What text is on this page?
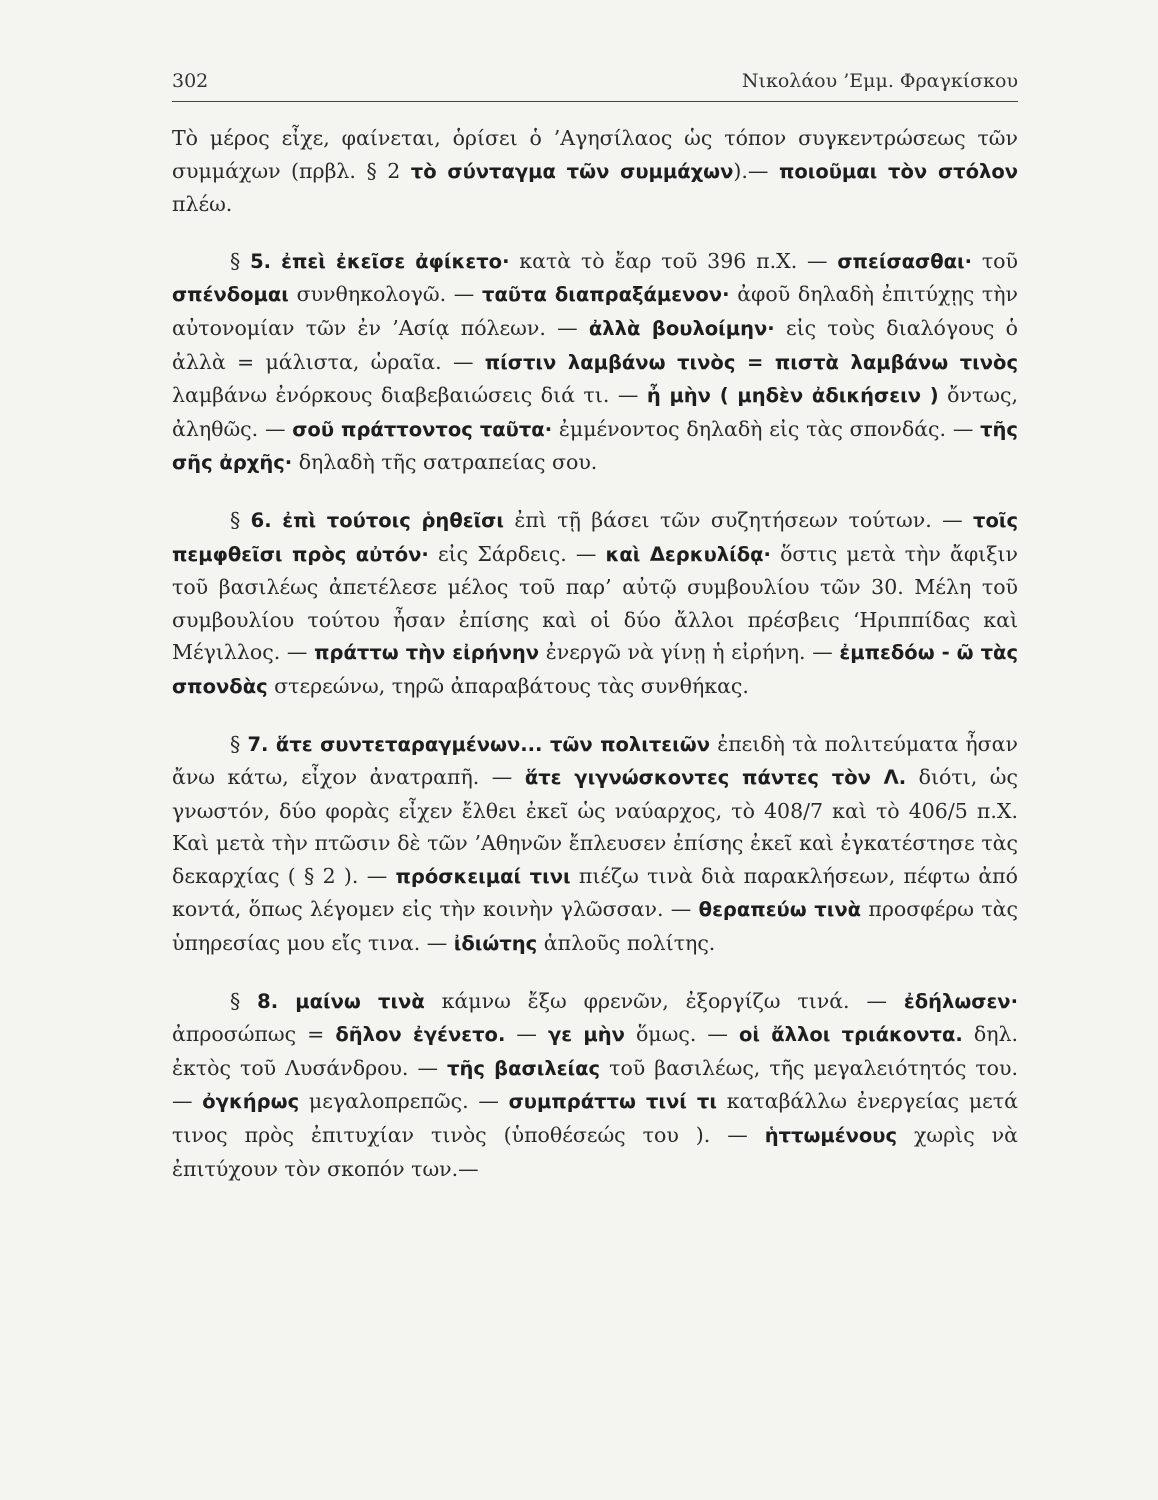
302	Νικολάου ’Εμμ. Φραγκίσκου

Τὸ μέρος εἶχε, φαίνεται, ὁρίσει ὁ ’Αγησίλαος ὡς τόπον συγκεντρώσεως τῶν συμμάχων (πρβλ. § 2 τὸ σύνταγμα τῶν συμμάχων).— ποιοῦμαι τὸν στόλον πλέω.

§ 5. ἐπεὶ ἐκεῖσε ἀφίκετο· κατὰ τὸ ἔαρ τοῦ 396 π.Χ. — σπείσασθαι· τοῦ σπένδομαι συνθηκολογῶ. — ταῦτα διαπραξάμενον· ἀφοῦ δηλαδὴ ἐπιτύχῃς τὴν αὐτονομίαν τῶν ἐν ’Ασίᾳ πόλεων. — ἀλλὰ βουλοίμην· εἰς τοὺς διαλόγους ὁ ἀλλὰ = μάλιστα, ὡραῖα. — πίστιν λαμβάνω τινὸς = πιστὰ λαμβάνω τινὸς λαμβάνω ἐνόρκους διαβεβαιώσεις διά τι. — ἦ μὴν ( μηδὲν ἀδικήσειν ) ὄντως, ἀληθῶς. — σοῦ πράττοντος ταῦτα· ἐμμένοντος δηλαδὴ εἰς τὰς σπονδάς. — τῆς σῆς ἀρχῆς· δηλαδὴ τῆς σατραπείας σου.

§ 6. ἐπὶ τούτοις ῥηθεῖσι ἐπὶ τῇ βάσει τῶν συζητήσεων τούτων. — τοῖς πεμφθεῖσι πρὸς αὐτόν· εἰς Σάρδεις. — καὶ Δερκυλίδᾳ· ὅστις μετὰ τὴν ἄφιξιν τοῦ βασιλέως ἀπετέλεσε μέλος τοῦ παρ’ αὐτῷ συμβουλίου τῶν 30. Μέλη τοῦ συμβουλίου τούτου ἦσαν ἐπίσης καὶ οἱ δύο ἄλλοι πρέσβεις ‘Ηριππίδας καὶ Μέγιλλος. — πράττω τὴν εἰρήνην ἐνεργῶ νὰ γίνῃ ἡ εἰρήνη. — ἐμπεδόω - ῶ τὰς σπονδὰς στερεώνω, τηρῶ ἀπαραβάτους τὰς συνθήκας.

§ 7. ἅτε συντεταραγμένων... τῶν πολιτειῶν ἐπειδὴ τὰ πολιτεύματα ἦσαν ἄνω κάτω, εἶχον ἀνατραπῆ. — ἅτε γιγνώσκοντες πάντες τὸν Λ. διότι, ὡς γνωστόν, δύο φορὰς εἶχεν ἔλθει ἐκεῖ ὡς ναύαρχος, τὸ 408/7 καὶ τὸ 406/5 π.Χ. Καὶ μετὰ τὴν πτῶσιν δὲ τῶν ’Αθηνῶν ἔπλευσεν ἐπίσης ἐκεῖ καὶ ἐγκατέστησε τὰς δεκαρχίας ( § 2 ). — πρόσκειμαί τινι πιέζω τινὰ διὰ παρακλήσεων, πέφτω ἀπό κοντά, ὅπως λέγομεν εἰς τὴν κοινὴν γλῶσσαν. — θεραπεύω τινὰ προσφέρω τὰς ὑπηρεσίας μου εἴς τινα. — ἰδιώτης ἁπλοῦς πολίτης.

§ 8. μαίνω τινὰ κάμνω ἔξω φρενῶν, ἐξοργίζω τινά. — ἐδήλωσεν· ἀπροσώπως = δῆλον ἐγένετο. — γε μὴν ὅμως. — οἱ ἄλλοι τριάκοντα. δηλ. ἐκτὸς τοῦ Λυσάνδρου. — τῆς βασιλείας τοῦ βασιλέως, τῆς μεγαλειότητός του. — ὀγκήρως μεγαλοπρεπῶς. — συμπράττω τινί τι καταβάλλω ἐνεργείας μετά τινος πρὸς ἐπιτυχίαν τινὸς (ὑποθέσεώς του ). — ἡττωμένους χωρὶς νὰ ἐπιτύχουν τὸν σκοπόν των.—
